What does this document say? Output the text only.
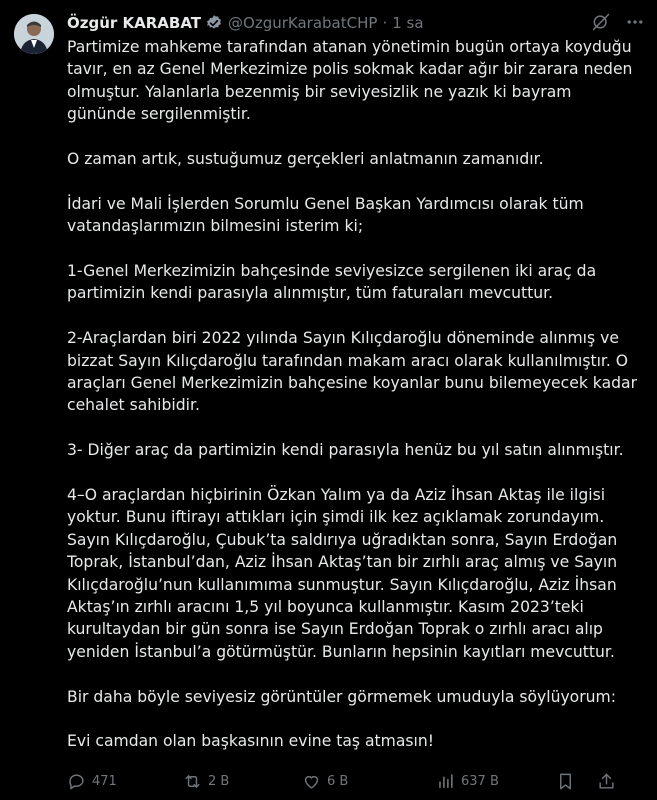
Özgür KARABAT @OzgurKarabatCHP · 1 sa

Partimize mahkeme tarafından atanan yönetimin bugün ortaya koyduğu tavır, en az Genel Merkezimize polis sokmak kadar ağır bir zarara neden olmuştur. Yalanlarla bezenmiş bir seviyesizlik ne yazık ki bayram gününde sergilenmiştir.

O zaman artık, sustuğumuz gerçekleri anlatmanın zamanıdır.

İdari ve Mali İşlerden Sorumlu Genel Başkan Yardımcısı olarak tüm vatandaşlarımızın bilmesini isterim ki;

1-Genel Merkezimizin bahçesinde seviyesizce sergilenen iki araç da partimizin kendi parasıyla alınmıştır, tüm faturaları mevcuttur.

2-Araçlardan biri 2022 yılında Sayın Kılıçdaroğlu döneminde alınmış ve bizzat Sayın Kılıçdaroğlu tarafından makam aracı olarak kullanılmıştır. O araçları Genel Merkezimizin bahçesine koyanlar bunu bilemeyecek kadar cehalet sahibidir.

3- Diğer araç da partimizin kendi parasıyla henüz bu yıl satın alınmıştır.

4–O araçlardan hiçbirinin Özkan Yalım ya da Aziz İhsan Aktaş ile ilgisi yoktur. Bunu iftirayı attıkları için şimdi ilk kez açıklamak zorundayım. Sayın Kılıçdaroğlu, Çubuk’ta saldırıya uğradıktan sonra, Sayın Erdoğan Toprak, İstanbul’dan, Aziz İhsan Aktaş’tan bir zırhlı araç almış ve Sayın Kılıçdaroğlu’nun kullanımıma sunmuştur. Sayın Kılıçdaroğlu, Aziz İhsan Aktaş’ın zırhlı aracını 1,5 yıl boyunca kullanmıştır. Kasım 2023’teki kurultaydan bir gün sonra ise Sayın Erdoğan Toprak o zırhlı aracı alıp yeniden İstanbul’a götürmüştür. Bunların hepsinin kayıtları mevcuttur.

Bir daha böyle seviyesiz görüntüler görmemek umuduyla söylüyorum:

Evi camdan olan başkasının evine taş atmasın!

471	2 B	6 B	637 B
